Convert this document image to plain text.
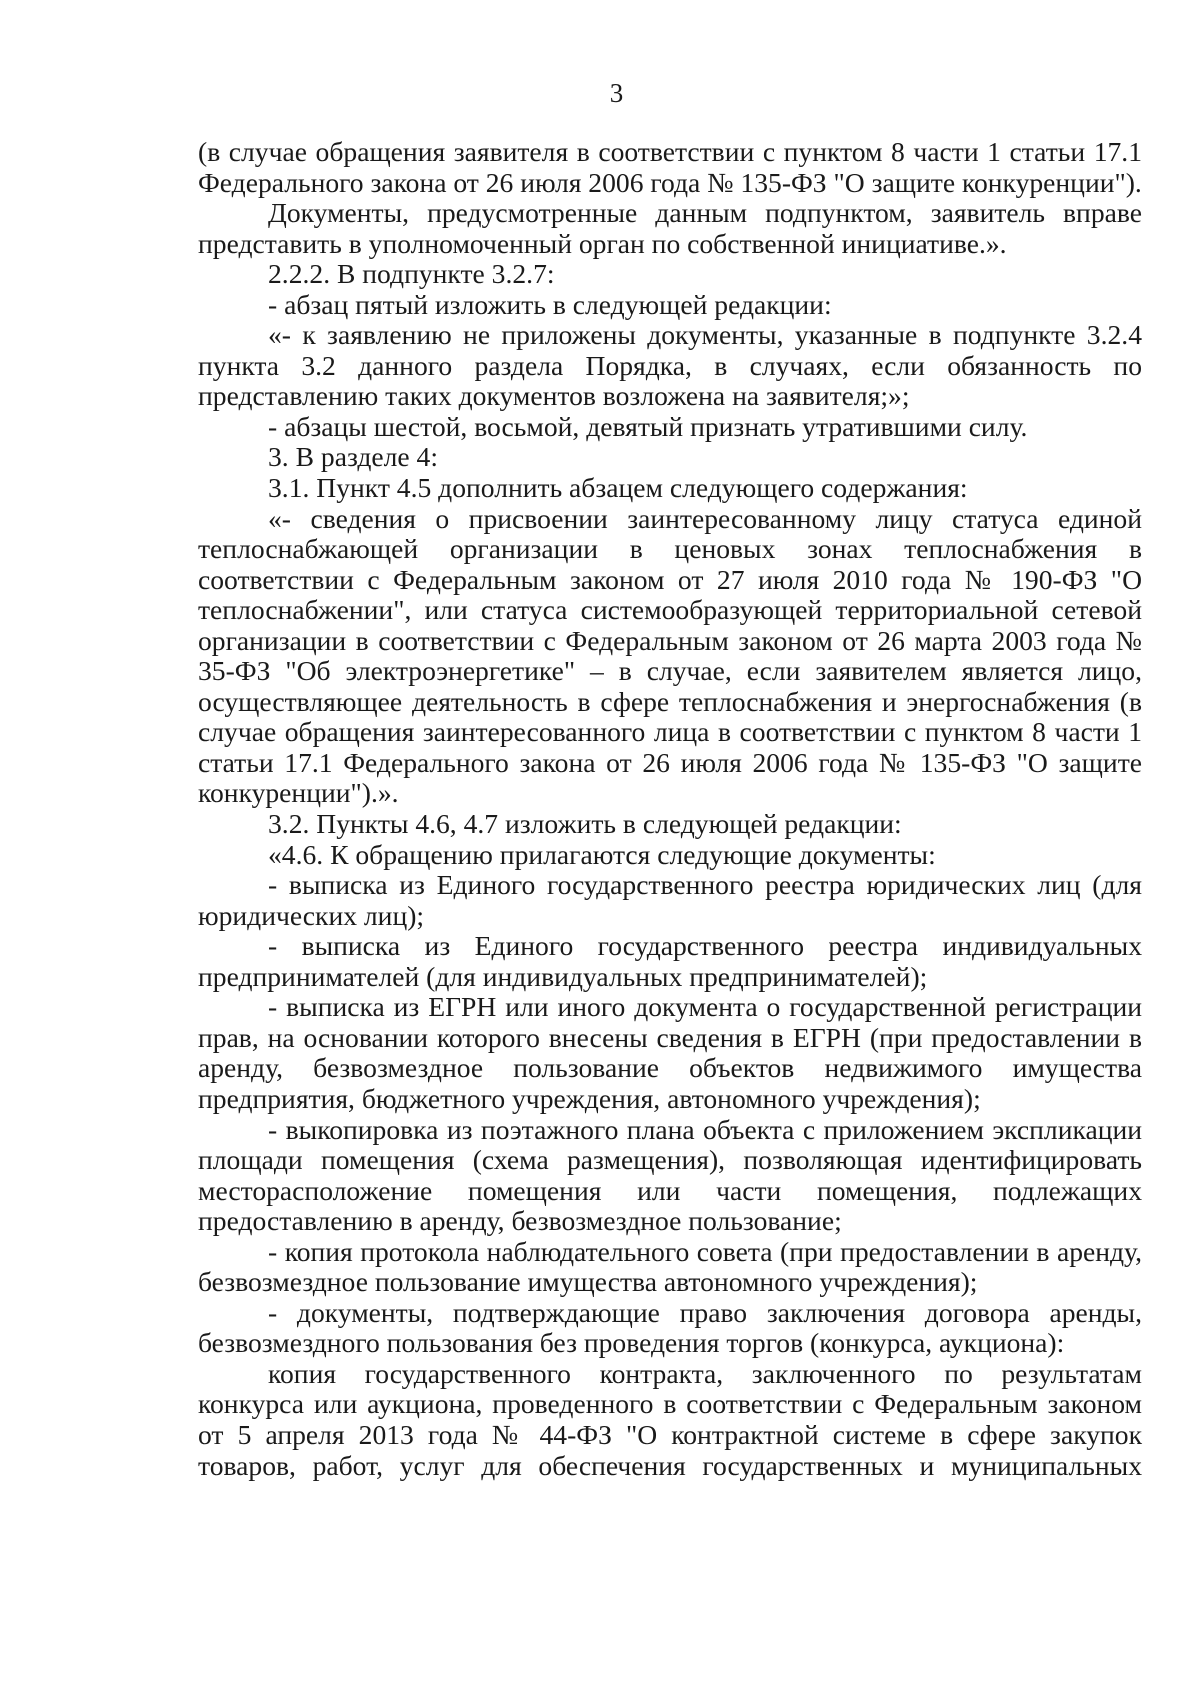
3

(в случае обращения заявителя в соответствии с пунктом 8 части 1 статьи 17.1 Федерального закона от 26 июля 2006 года № 135-ФЗ "О защите конкуренции").

Документы, предусмотренные данным подпунктом, заявитель вправе представить в уполномоченный орган по собственной инициативе.».

2.2.2. В подпункте 3.2.7:

- абзац пятый изложить в следующей редакции:

«- к заявлению не приложены документы, указанные в подпункте 3.2.4 пункта 3.2 данного раздела Порядка, в случаях, если обязанность по представлению таких документов возложена на заявителя;»;

- абзацы шестой, восьмой, девятый признать утратившими силу.

3. В разделе 4:

3.1. Пункт 4.5 дополнить абзацем следующего содержания:

«- сведения о присвоении заинтересованному лицу статуса единой теплоснабжающей организации в ценовых зонах теплоснабжения в соответствии с Федеральным законом от 27 июля 2010 года № 190-ФЗ "О теплоснабжении", или статуса системообразующей территориальной сетевой организации в соответствии с Федеральным законом от 26 марта 2003 года № 35-ФЗ "Об электроэнергетике" – в случае, если заявителем является лицо, осуществляющее деятельность в сфере теплоснабжения и энергоснабжения (в случае обращения заинтересованного лица в соответствии с пунктом 8 части 1 статьи 17.1 Федерального закона от 26 июля 2006 года № 135-ФЗ "О защите конкуренции").».

3.2. Пункты 4.6, 4.7 изложить в следующей редакции:

«4.6. К обращению прилагаются следующие документы:

- выписка из Единого государственного реестра юридических лиц (для юридических лиц);

- выписка из Единого государственного реестра индивидуальных предпринимателей (для индивидуальных предпринимателей);

- выписка из ЕГРН или иного документа о государственной регистрации прав, на основании которого внесены сведения в ЕГРН (при предоставлении в аренду, безвозмездное пользование объектов недвижимого имущества предприятия, бюджетного учреждения, автономного учреждения);

- выкопировка из поэтажного плана объекта с приложением экспликации площади помещения (схема размещения), позволяющая идентифицировать месторасположение помещения или части помещения, подлежащих предоставлению в аренду, безвозмездное пользование;

- копия протокола наблюдательного совета (при предоставлении в аренду, безвозмездное пользование имущества автономного учреждения);

- документы, подтверждающие право заключения договора аренды, безвозмездного пользования без проведения торгов (конкурса, аукциона):

копия государственного контракта, заключенного по результатам конкурса или аукциона, проведенного в соответствии с Федеральным законом от 5 апреля 2013 года № 44-ФЗ "О контрактной системе в сфере закупок товаров, работ, услуг для обеспечения государственных и муниципальных
